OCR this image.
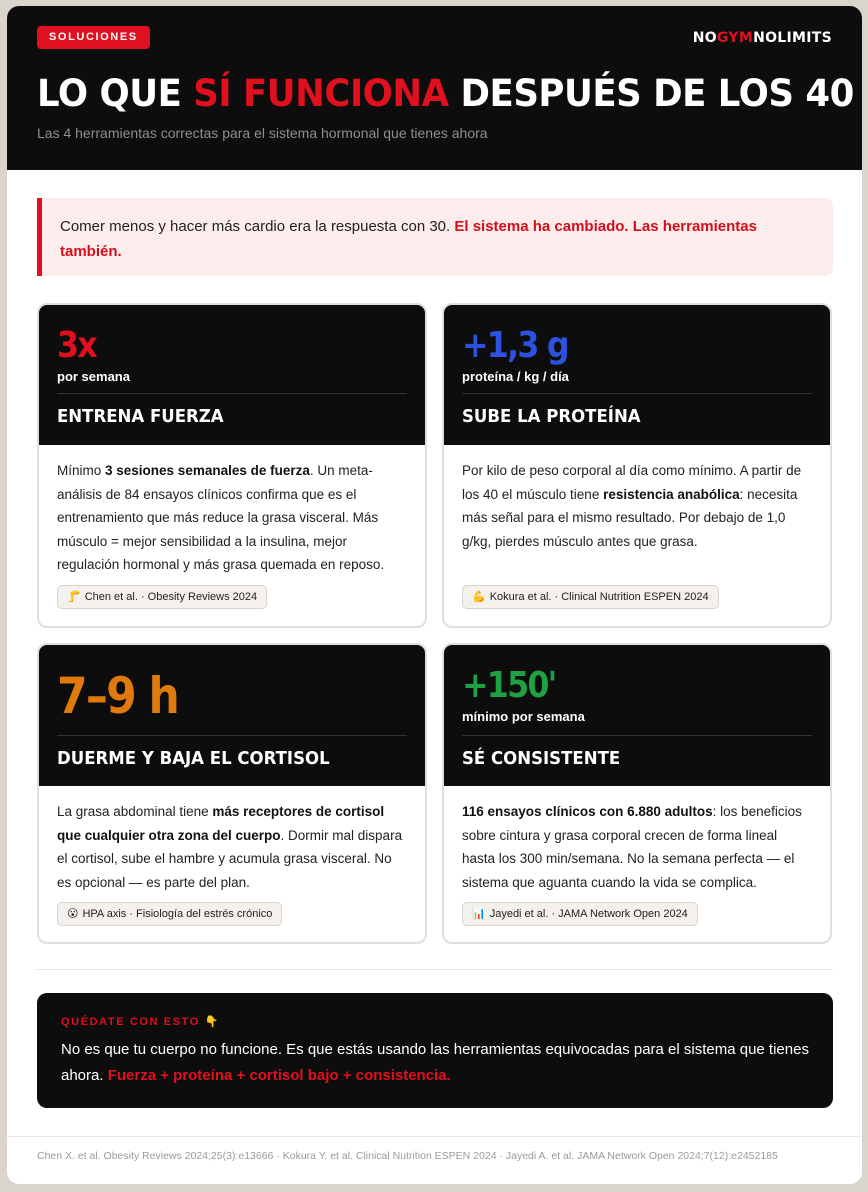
SOLUCIONES	NOGYMNOLIMITS
LO QUE SÍ FUNCIONA DESPUÉS DE LOS 40
Las 4 herramientas correctas para el sistema hormonal que tienes ahora
Comer menos y hacer más cardio era la respuesta con 30. El sistema ha cambiado. Las herramientas también.
3x
por semana
ENTRENA FUERZA
Mínimo 3 sesiones semanales de fuerza. Un meta-análisis de 84 ensayos clínicos confirma que es el entrenamiento que más reduce la grasa visceral. Más músculo = mejor sensibilidad a la insulina, mejor regulación hormonal y más grasa quemada en reposo.
🦵 Chen et al. · Obesity Reviews 2024
+1,3 g
proteína / kg / día
SUBE LA PROTEÍNA
Por kilo de peso corporal al día como mínimo. A partir de los 40 el músculo tiene resistencia anabólica: necesita más señal para el mismo resultado. Por debajo de 1,0 g/kg, pierdes músculo antes que grasa.
💪 Kokura et al. · Clinical Nutrition ESPEN 2024
7–9 h
DUERME Y BAJA EL CORTISOL
La grasa abdominal tiene más receptores de cortisol que cualquier otra zona del cuerpo. Dormir mal dispara el cortisol, sube el hambre y acumula grasa visceral. No es opcional — es parte del plan.
😮 HPA axis · Fisiología del estrés crónico
+150'
mínimo por semana
SÉ CONSISTENTE
116 ensayos clínicos con 6.880 adultos: los beneficios sobre cintura y grasa corporal crecen de forma lineal hasta los 300 min/semana. No la semana perfecta — el sistema que aguanta cuando la vida se complica.
📊 Jayedi et al. · JAMA Network Open 2024
QUÉDATE CON ESTO 👇
No es que tu cuerpo no funcione. Es que estás usando las herramientas equivocadas para el sistema que tienes ahora. Fuerza + proteína + cortisol bajo + consistencia.
Chen X. et al. Obesity Reviews 2024;25(3):e13666 · Kokura Y. et al. Clinical Nutrition ESPEN 2024 · Jayedi A. et al. JAMA Network Open 2024;7(12):e2452185
